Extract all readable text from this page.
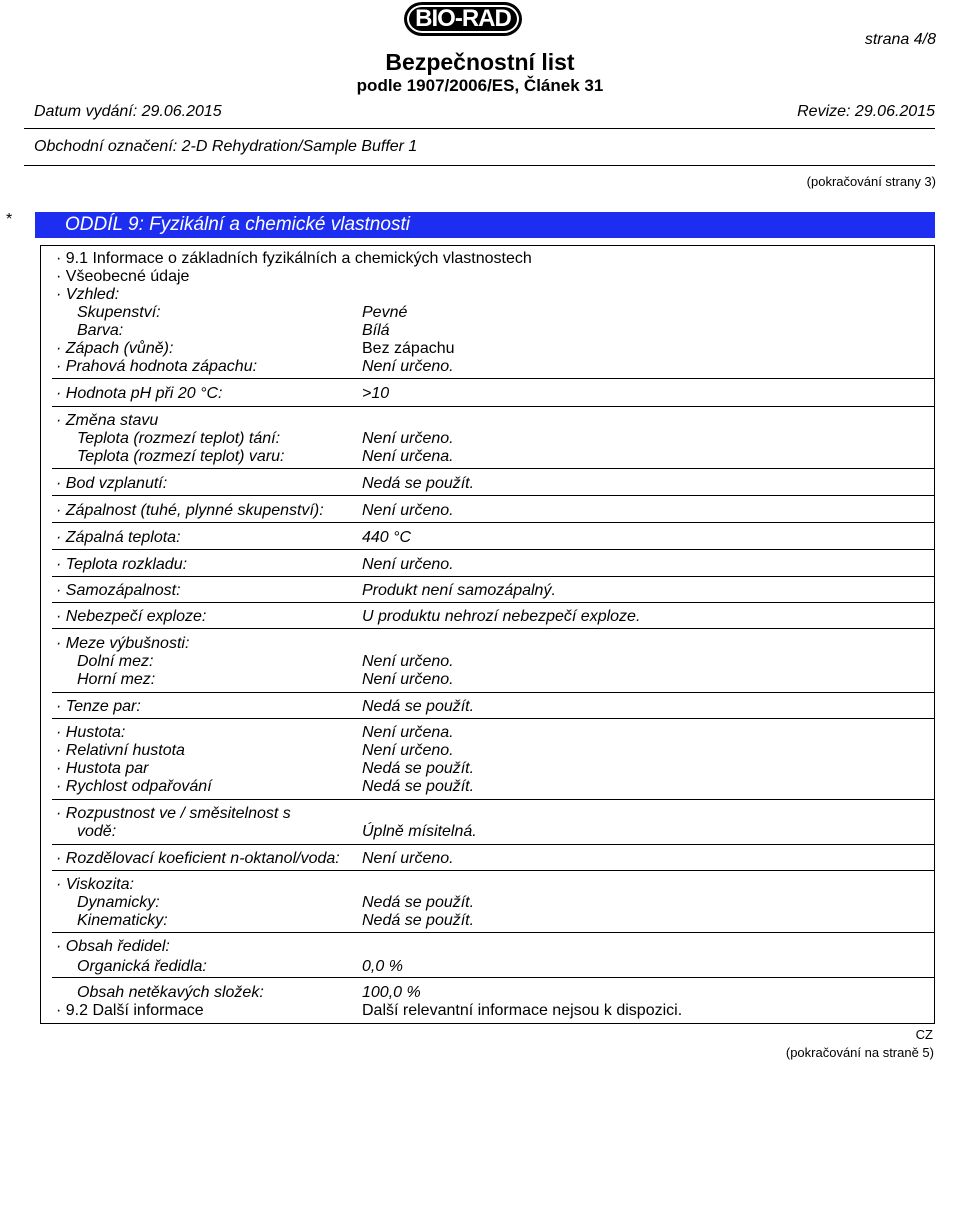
BIO-RAD
strana 4/8
Bezpečnostní list
podle 1907/2006/ES, Článek 31
Datum vydání: 29.06.2015	Revize: 29.06.2015
Obchodní označení: 2-D Rehydration/Sample Buffer 1
(pokračování strany 3)
*	ODDÍL 9: Fyzikální a chemické vlastnosti
· 9.1 Informace o základních fyzikálních a chemických vlastnostech
· Všeobecné údaje
· Vzhled:
Skupenství:	Pevné
Barva:	Bílá
· Zápach (vůně):	Bez zápachu
· Prahová hodnota zápachu:	Není určeno.
· Hodnota pH při 20 °C:	>10
· Změna stavu
Teplota (rozmezí teplot) tání:	Není určeno.
Teplota (rozmezí teplot) varu:	Není určena.
· Bod vzplanutí:	Nedá se použít.
· Zápalnost (tuhé, plynné skupenství): Není určeno.
· Zápalná teplota:	440 °C
· Teplota rozkladu:	Není určeno.
· Samozápalnost:	Produkt není samozápalný.
· Nebezpečí exploze:	U produktu nehrozí nebezpečí exploze.
· Meze výbušnosti:
Dolní mez:	Není určeno.
Horní mez:	Není určeno.
· Tenze par:	Nedá se použít.
· Hustota:	Není určena.
· Relativní hustota	Není určeno.
· Hustota par	Nedá se použít.
· Rychlost odpařování	Nedá se použít.
· Rozpustnost ve / směsitelnost s
vodě:	Úplně mísitelná.
· Rozdělovací koeficient n-oktanol/voda: Není určeno.
· Viskozita:
Dynamicky:	Nedá se použít.
Kinematicky:	Nedá se použít.
· Obsah ředidel:
Organická ředidla:	0,0 %
Obsah netěkavých složek:	100,0 %
· 9.2 Další informace	Další relevantní informace nejsou k dispozici.
CZ
(pokračování na straně 5)
